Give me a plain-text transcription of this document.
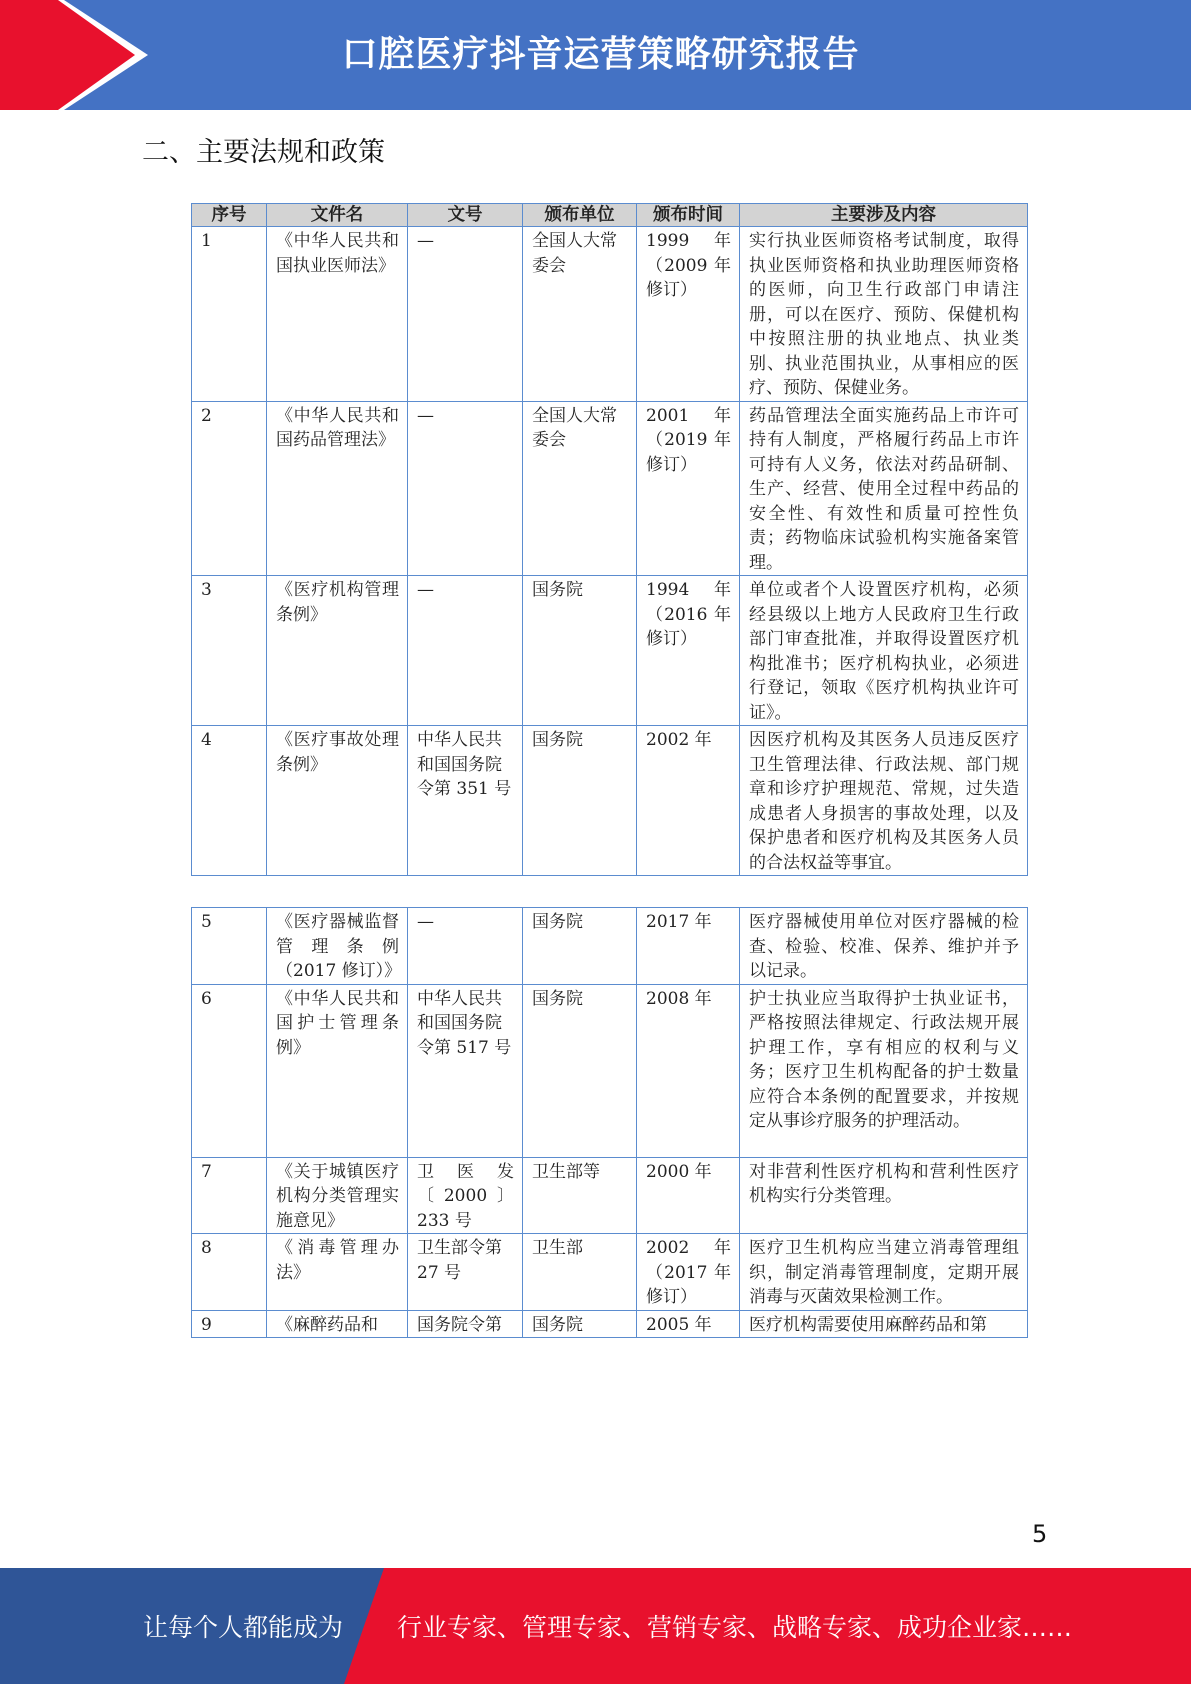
口腔医疗抖音运营策略研究报告
二、主要法规和政策
序号	文件名	文号	颁布单位	颁布时间	主要涉及内容
1	《中华人民共和国执业医师法》	—	全国人大常委会	1999 年（2009 年修订）	实行执业医师资格考试制度，取得执业医师资格和执业助理医师资格的医师，向卫生行政部门申请注册，可以在医疗、预防、保健机构中按照注册的执业地点、执业类别、执业范围执业，从事相应的医疗、预防、保健业务。
2	《中华人民共和国药品管理法》	—	全国人大常委会	2001 年（2019 年修订）	药品管理法全面实施药品上市许可持有人制度，严格履行药品上市许可持有人义务，依法对药品研制、生产、经营、使用全过程中药品的安全性、有效性和质量可控性负责；药物临床试验机构实施备案管理。
3	《医疗机构管理条例》	—	国务院	1994 年（2016 年修订）	单位或者个人设置医疗机构，必须经县级以上地方人民政府卫生行政部门审查批准，并取得设置医疗机构批准书；医疗机构执业，必须进行登记，领取《医疗机构执业许可证》。
4	《医疗事故处理条例》	中华人民共和国国务院令第 351 号	国务院	2002 年	因医疗机构及其医务人员违反医疗卫生管理法律、行政法规、部门规章和诊疗护理规范、常规，过失造成患者人身损害的事故处理，以及保护患者和医疗机构及其医务人员的合法权益等事宜。
5	《医疗器械监督管理条例（2017 修订）》	—	国务院	2017 年	医疗器械使用单位对医疗器械的检查、检验、校准、保养、维护并予以记录。
6	《中华人民共和国护士管理条例》	中华人民共和国国务院令第 517 号	国务院	2008 年	护士执业应当取得护士执业证书，严格按照法律规定、行政法规开展护理工作，享有相应的权利与义务；医疗卫生机构配备的护士数量应符合本条例的配置要求，并按规定从事诊疗服务的护理活动。
7	《关于城镇医疗机构分类管理实施意见》	卫医发〔2000〕233 号	卫生部等	2000 年	对非营利性医疗机构和营利性医疗机构实行分类管理。
8	《消毒管理办法》	卫生部令第 27 号	卫生部	2002 年（2017 年修订）	医疗卫生机构应当建立消毒管理组织，制定消毒管理制度，定期开展消毒与灭菌效果检测工作。
9	《麻醉药品和	国务院令第	国务院	2005 年	医疗机构需要使用麻醉药品和第
5
让每个人都能成为 行业专家、管理专家、营销专家、战略专家、成功企业家……
